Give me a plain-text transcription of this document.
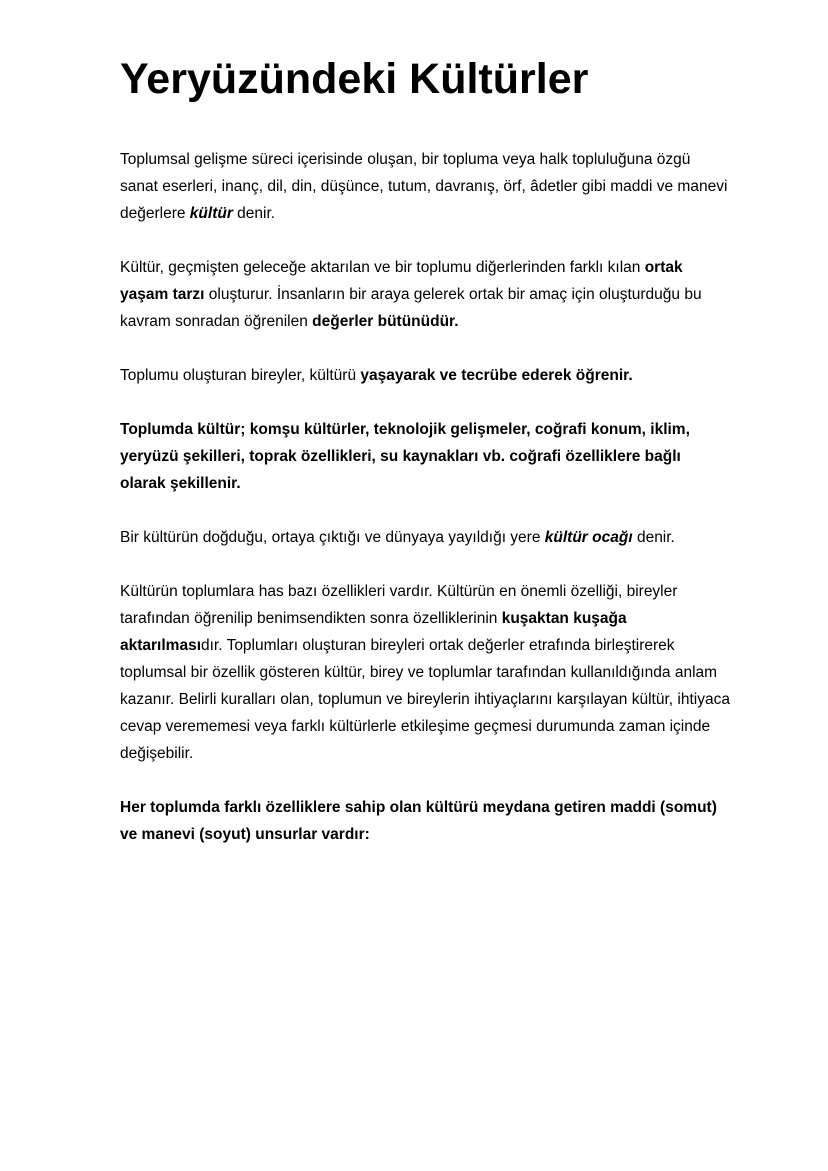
Yeryüzündeki Kültürler

Toplumsal gelişme süreci içerisinde oluşan, bir topluma veya halk topluluğuna özgü sanat eserleri, inanç, dil, din, düşünce, tutum, davranış, örf, âdetler gibi maddi ve manevi değerlere kültür denir.

Kültür, geçmişten geleceğe aktarılan ve bir toplumu diğerlerinden farklı kılan ortak yaşam tarzı oluşturur. İnsanların bir araya gelerek ortak bir amaç için oluşturduğu bu kavram sonradan öğrenilen değerler bütünüdür.

Toplumu oluşturan bireyler, kültürü yaşayarak ve tecrübe ederek öğrenir.

Toplumda kültür; komşu kültürler, teknolojik gelişmeler, coğrafi konum, iklim, yeryüzü şekilleri, toprak özellikleri, su kaynakları vb. coğrafi özelliklere bağlı olarak şekillenir.

Bir kültürün doğduğu, ortaya çıktığı ve dünyaya yayıldığı yere kültür ocağı denir.

Kültürün toplumlara has bazı özellikleri vardır. Kültürün en önemli özelliği, bireyler tarafından öğrenilip benimsendikten sonra özelliklerinin kuşaktan kuşağa aktarılmasıdır. Toplumları oluşturan bireyleri ortak değerler etrafında birleştirerek toplumsal bir özellik gösteren kültür, birey ve toplumlar tarafından kullanıldığında anlam kazanır. Belirli kuralları olan, toplumun ve bireylerin ihtiyaçlarını karşılayan kültür, ihtiyaca cevap verememesi veya farklı kültürlerle etkileşime geçmesi durumunda zaman içinde değişebilir.

Her toplumda farklı özelliklere sahip olan kültürü meydana getiren maddi (somut) ve manevi (soyut) unsurlar vardır:
